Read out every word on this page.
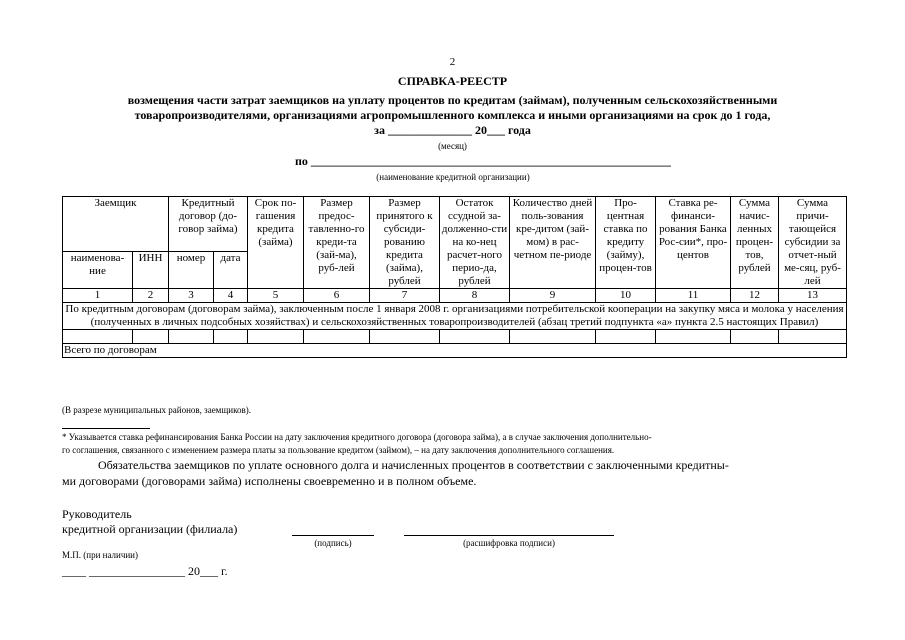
2
СПРАВКА-РЕЕСТР
возмещения части затрат заемщиков на уплату процентов по кредитам (займам), полученным сельскохозяйственными
товаропроизводителями, организациями агропромышленного комплекса и иными организациями на срок до 1 года,
за ______________ 20___ года
(месяц)
по ____________________________________________________________
(наименование кредитной организации)
Заемщик		Кредитный договор (до-говор займа)		Срок по-гашения кредита (займа)	Размер предос-тавленно-го креди-та (зай-ма), руб-лей	Размер принятого к субсиди-рованию кредита (займа), рублей	Остаток ссудной за-долженно-сти на ко-нец расчет-ного перио-да, рублей	Количество дней поль-зования кре-дитом (зай-мом) в рас-четном пе-риоде	Про-центная ставка по кредиту (займу), процен-тов	Ставка ре-финанси-рования Банка Рос-сии*, про-центов	Сумма начис-ленных процен-тов, рублей	Сумма причи-тающейся субсидии за отчет-ный ме-сяц, руб-лей
наименова-ние	ИНН	номер	дата									
1	2	3	4	5	6	7	8	9	10	11	12	13
По кредитным договорам (договорам займа), заключенным после 1 января 2008 г. организациями потребительской кооперации на закупку мяса и молока у населения (полученных в личных подсобных хозяйствах) и сельскохозяйственных товаропроизводителей (абзац третий подпункта «а» пункта 2.5 настоящих Правил)												

Всего по договорам												
(В разрезе муниципальных районов, заемщиков).
* Указывается ставка рефинансирования Банка России на дату заключения кредитного договора (договора займа), а в случае заключения дополнительно-
го соглашения, связанного с изменением размера платы за пользование кредитом (займом), – на дату заключения дополнительного соглашения.
Обязательства заемщиков по уплате основного долга и начисленных процентов в соответствии с заключенными кредитны-
ми договорами (договорами займа) исполнены своевременно и в полном объеме.
Руководитель
кредитной организации (филиала)
(подпись)	(расшифровка подписи)
М.П. (при наличии)
____ ________________ 20___ г.
